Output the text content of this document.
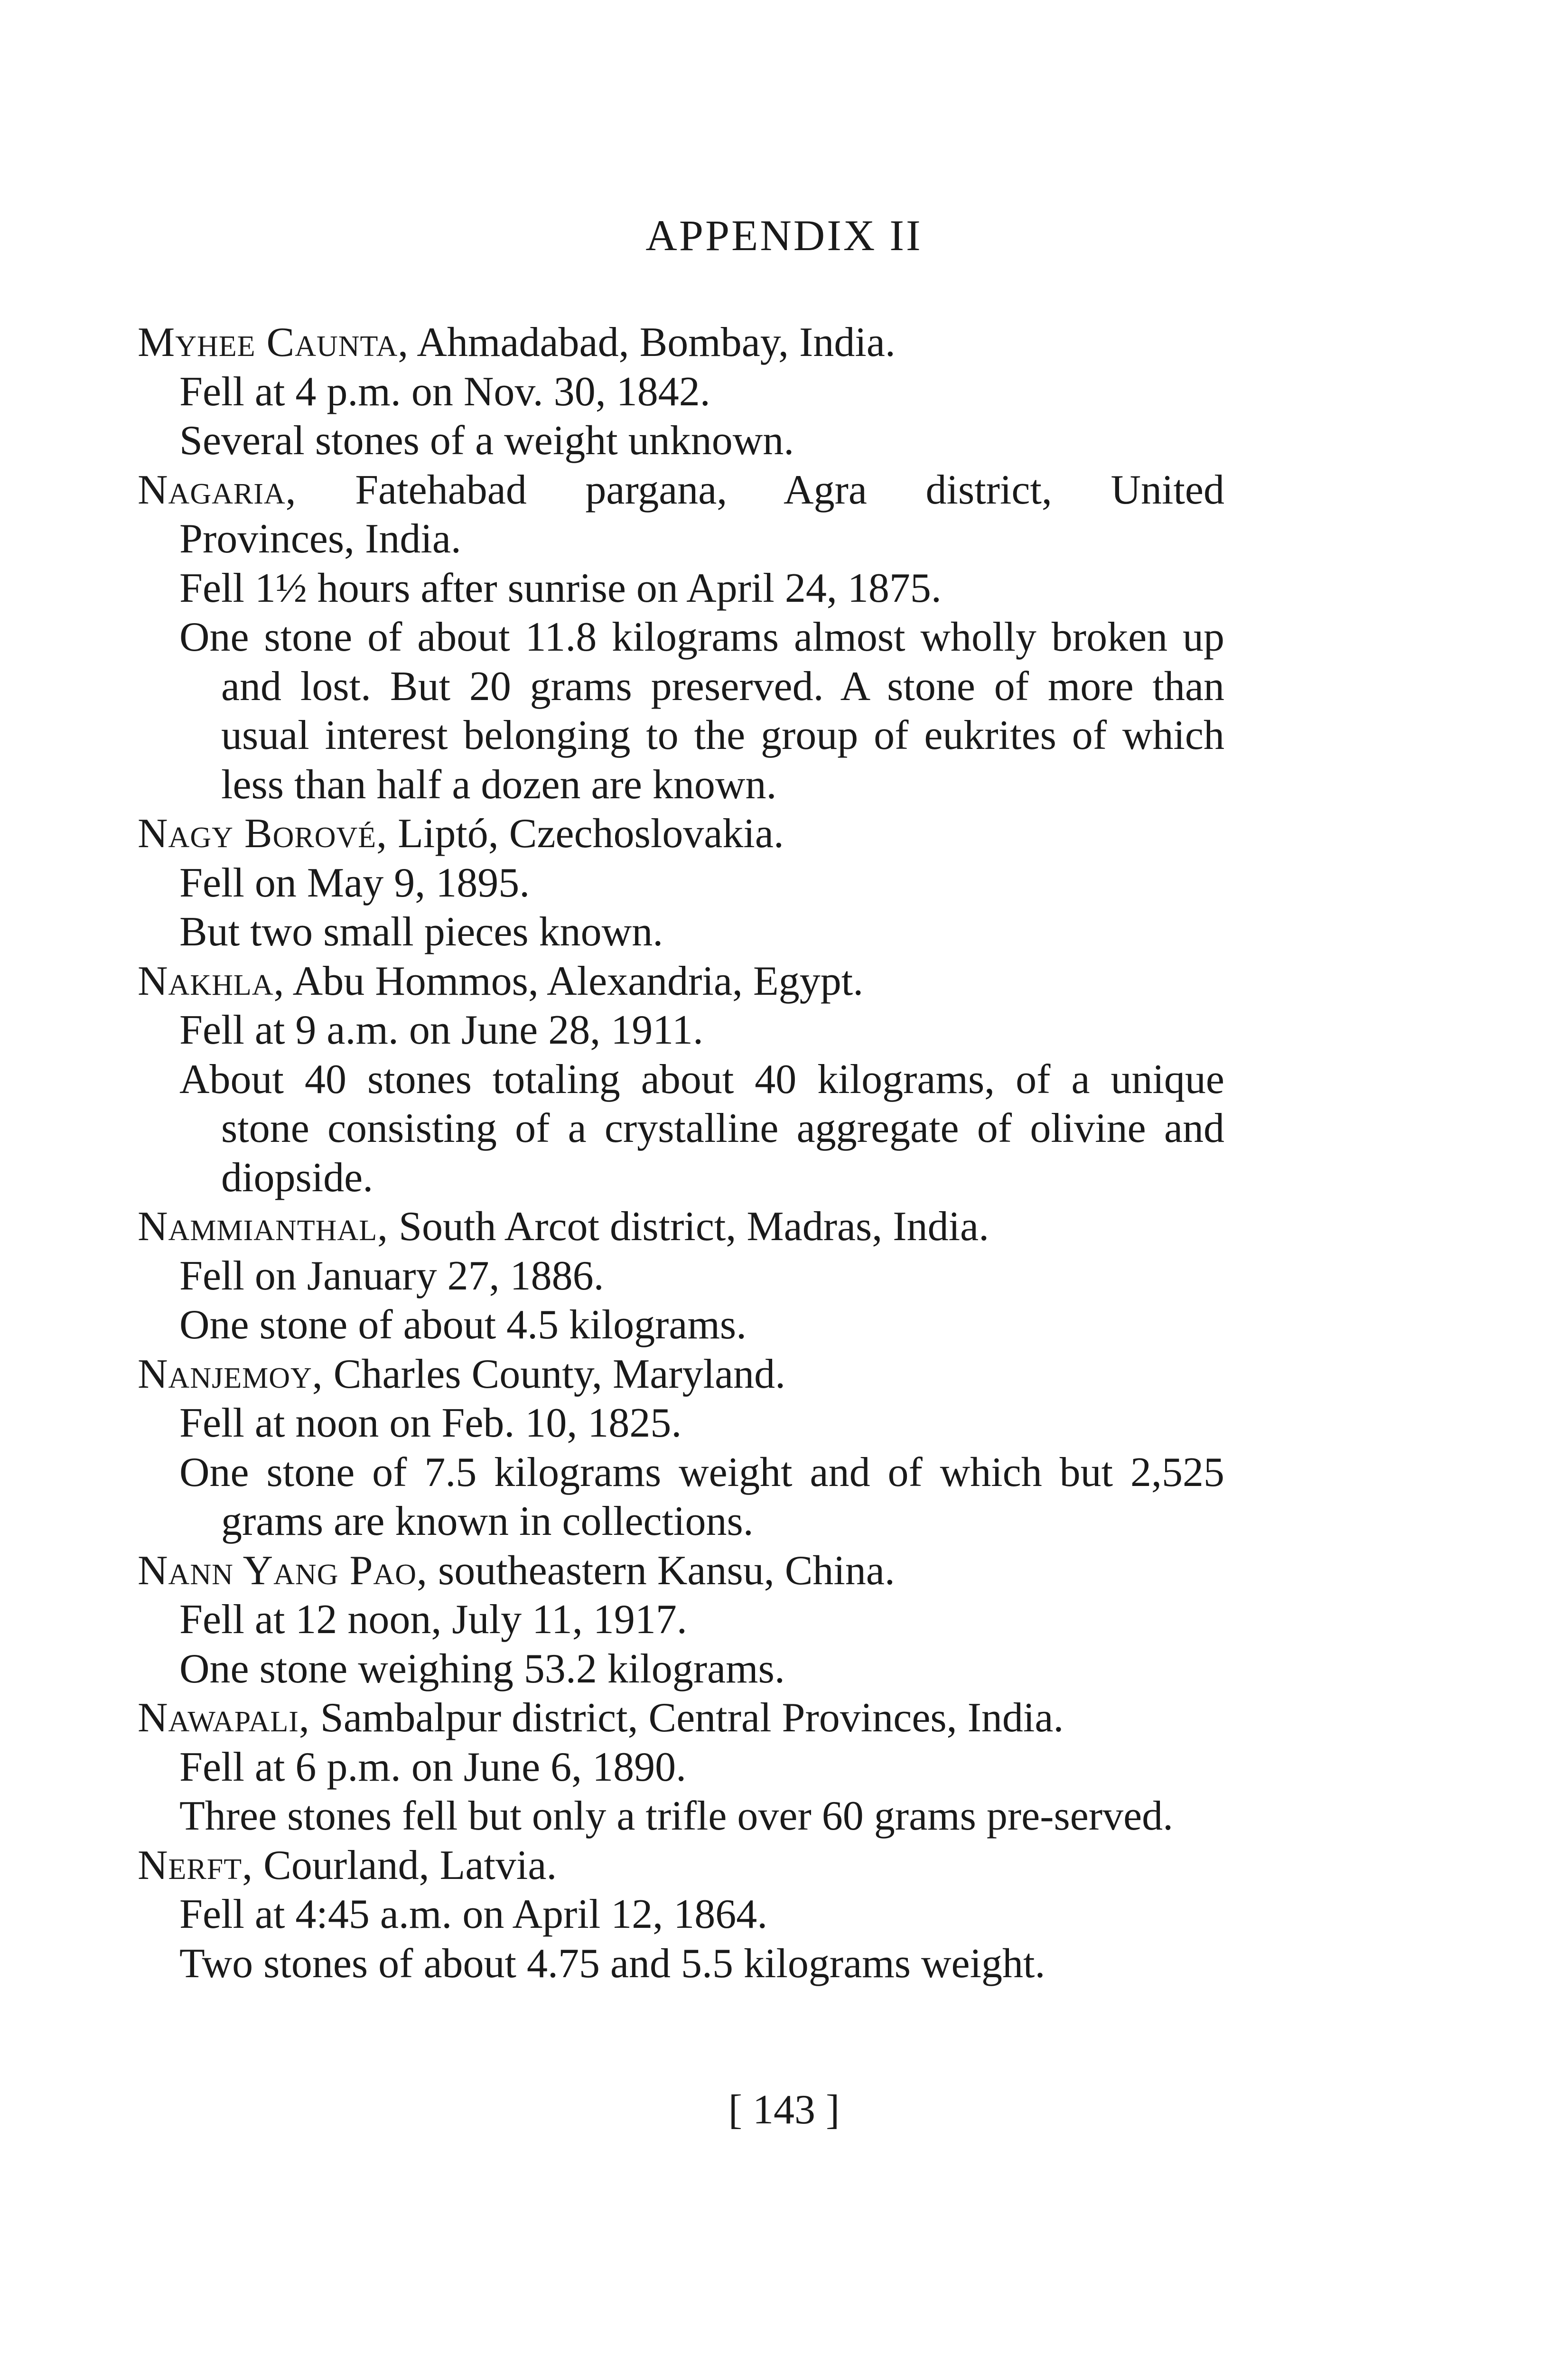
APPENDIX II

Myhee Caunta, Ahmadabad, Bombay, India.

Fell at 4 p.m. on Nov. 30, 1842.

Several stones of a weight unknown.

Nagaria, Fatehabad pargana, Agra district, United

Provinces, India.

Fell 1½ hours after sunrise on April 24, 1875.

One stone of about 11.8 kilograms almost wholly broken up and lost. But 20 grams preserved. A stone of more than usual interest belonging to the group of eukrites of which less than half a dozen are known.

Nagy Borové, Liptó, Czechoslovakia.

Fell on May 9, 1895.

But two small pieces known.

Nakhla, Abu Hommos, Alexandria, Egypt.

Fell at 9 a.m. on June 28, 1911.

About 40 stones totaling about 40 kilograms, of a unique stone consisting of a crystalline aggregate of olivine and diopside.

Nammianthal, South Arcot district, Madras, India.

Fell on January 27, 1886.

One stone of about 4.5 kilograms.

Nanjemoy, Charles County, Maryland.

Fell at noon on Feb. 10, 1825.

One stone of 7.5 kilograms weight and of which but 2,525 grams are known in collections.

Nann Yang Pao, southeastern Kansu, China.

Fell at 12 noon, July 11, 1917.

One stone weighing 53.2 kilograms.

Nawapali, Sambalpur district, Central Provinces, India.

Fell at 6 p.m. on June 6, 1890.

Three stones fell but only a trifle over 60 grams pre-served.

Nerft, Courland, Latvia.

Fell at 4:45 a.m. on April 12, 1864.

Two stones of about 4.75 and 5.5 kilograms weight.

[ 143 ]
